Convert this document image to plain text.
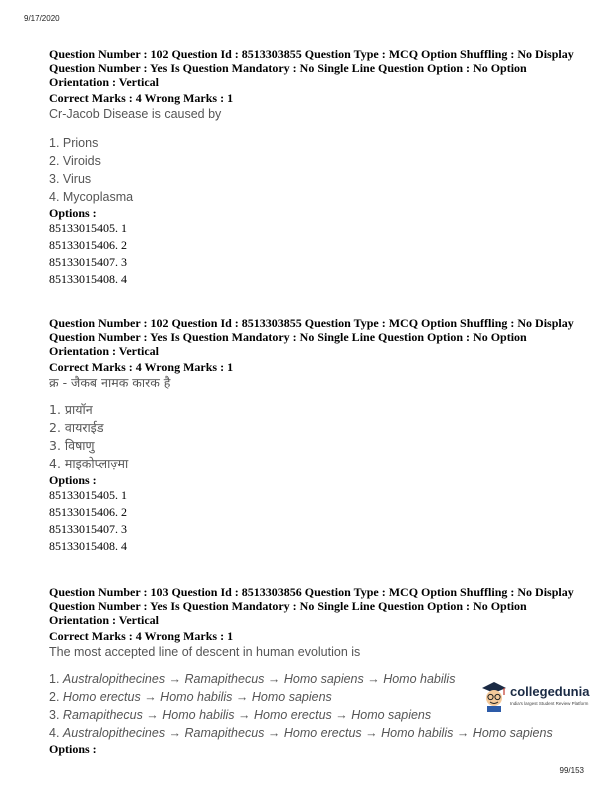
9/17/2020

Question Number : 102 Question Id : 8513303855 Question Type : MCQ Option Shuffling : No Display Question Number : Yes Is Question Mandatory : No Single Line Question Option : No Option Orientation : Vertical

Correct Marks : 4 Wrong Marks : 1

Cr-Jacob Disease is caused by

1. Prions
2. Viroids
3. Virus
4. Mycoplasma

Options :

85133015405. 1
85133015406. 2
85133015407. 3
85133015408. 4

Question Number : 102 Question Id : 8513303855 Question Type : MCQ Option Shuffling : No Display Question Number : Yes Is Question Mandatory : No Single Line Question Option : No Option Orientation : Vertical

Correct Marks : 4 Wrong Marks : 1

क्र - जैकब नामक कारक है

1. प्रायॉन
2. वायराईड
3. विषाणु
4. माइकोप्लाज़्मा

Options :

85133015405. 1
85133015406. 2
85133015407. 3
85133015408. 4

Question Number : 103 Question Id : 8513303856 Question Type : MCQ Option Shuffling : No Display Question Number : Yes Is Question Mandatory : No Single Line Question Option : No Option Orientation : Vertical

Correct Marks : 4 Wrong Marks : 1

The most accepted line of descent in human evolution is

1. Australopithecines → Ramapithecus → Homo sapiens → Homo habilis
2. Homo erectus → Homo habilis → Homo sapiens
3. Ramapithecus → Homo habilis → Homo erectus → Homo sapiens
4. Australopithecines → Ramapithecus → Homo erectus → Homo habilis → Homo sapiens

Options :

collegedunia
India's largest Student Review Platform
99/153
